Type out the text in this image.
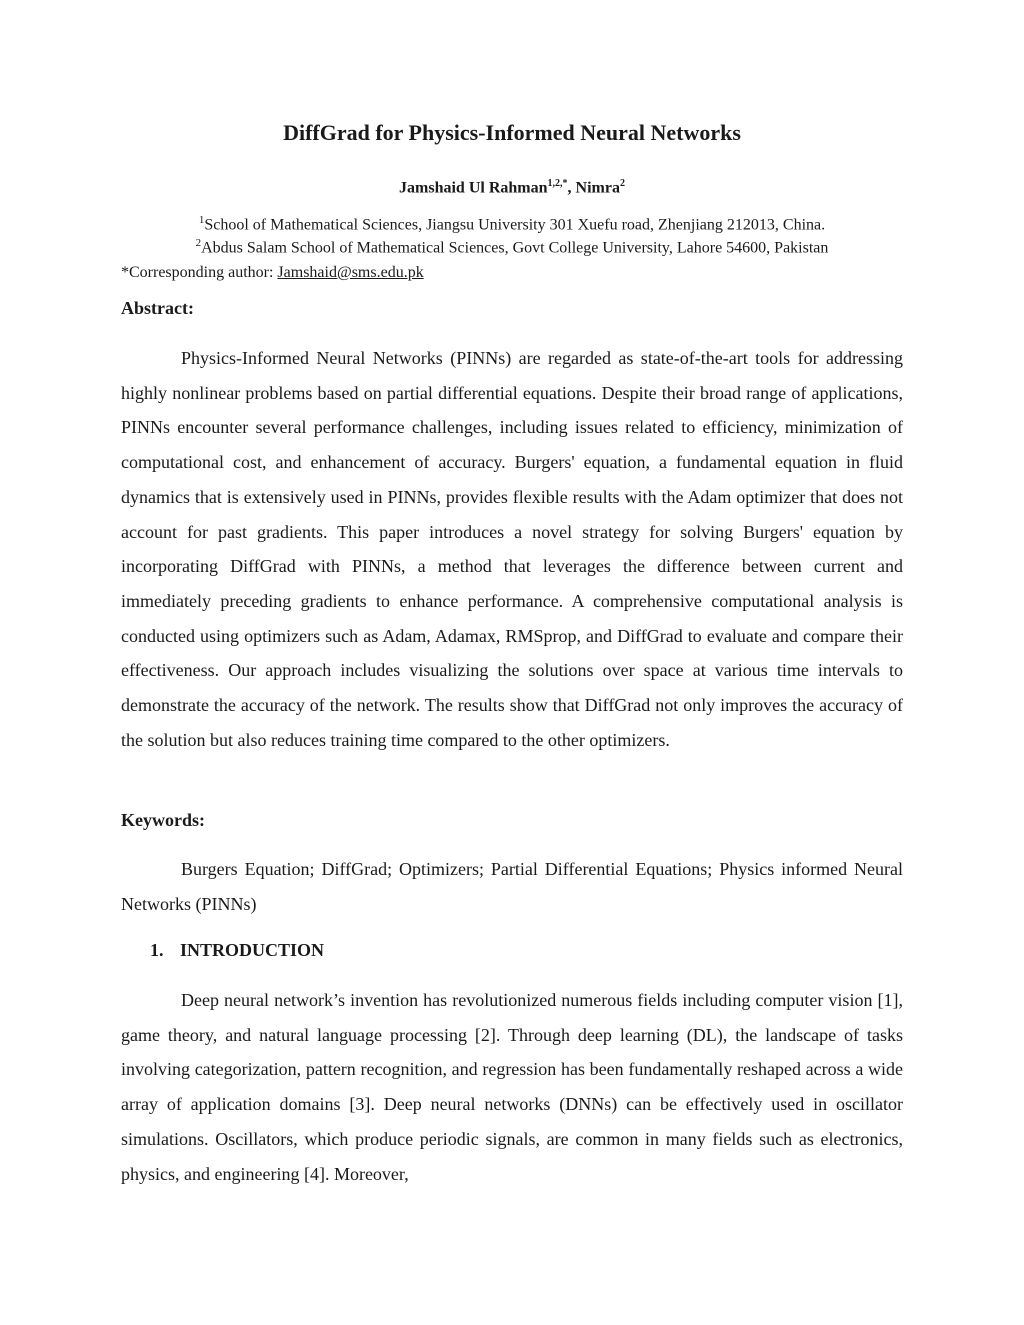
DiffGrad for Physics-Informed Neural Networks
Jamshaid Ul Rahman$^{1,2,*}$, Nimra$^2$
$^1$School of Mathematical Sciences, Jiangsu University 301 Xuefu road, Zhenjiang 212013, China.
$^2$Abdus Salam School of Mathematical Sciences, Govt College University, Lahore 54600, Pakistan
*Corresponding author: Jamshaid@sms.edu.pk
Abstract:

Physics-Informed Neural Networks (PINNs) are regarded as state-of-the-art tools for addressing highly nonlinear problems based on partial differential equations. Despite their broad range of applications, PINNs encounter several performance challenges, including issues related to efficiency, minimization of computational cost, and enhancement of accuracy. Burgers' equation, a fundamental equation in fluid dynamics that is extensively used in PINNs, provides flexible results with the Adam optimizer that does not account for past gradients. This paper introduces a novel strategy for solving Burgers' equation by incorporating DiffGrad with PINNs, a method that leverages the difference between current and immediately preceding gradients to enhance performance. A comprehensive computational analysis is conducted using optimizers such as Adam, Adamax, RMSprop, and DiffGrad to evaluate and compare their effectiveness. Our approach includes visualizing the solutions over space at various time intervals to demonstrate the accuracy of the network. The results show that DiffGrad not only improves the accuracy of the solution but also reduces training time compared to the other optimizers.

Keywords:

Burgers Equation; DiffGrad; Optimizers; Partial Differential Equations; Physics informed Neural Networks (PINNs)

1. INTRODUCTION

Deep neural network’s invention has revolutionized numerous fields including computer vision [1], game theory, and natural language processing [2]. Through deep learning (DL), the landscape of tasks involving categorization, pattern recognition, and regression has been fundamentally reshaped across a wide array of application domains [3]. Deep neural networks (DNNs) can be effectively used in oscillator simulations. Oscillators, which produce periodic signals, are common in many fields such as electronics, physics, and engineering [4]. Moreover,
